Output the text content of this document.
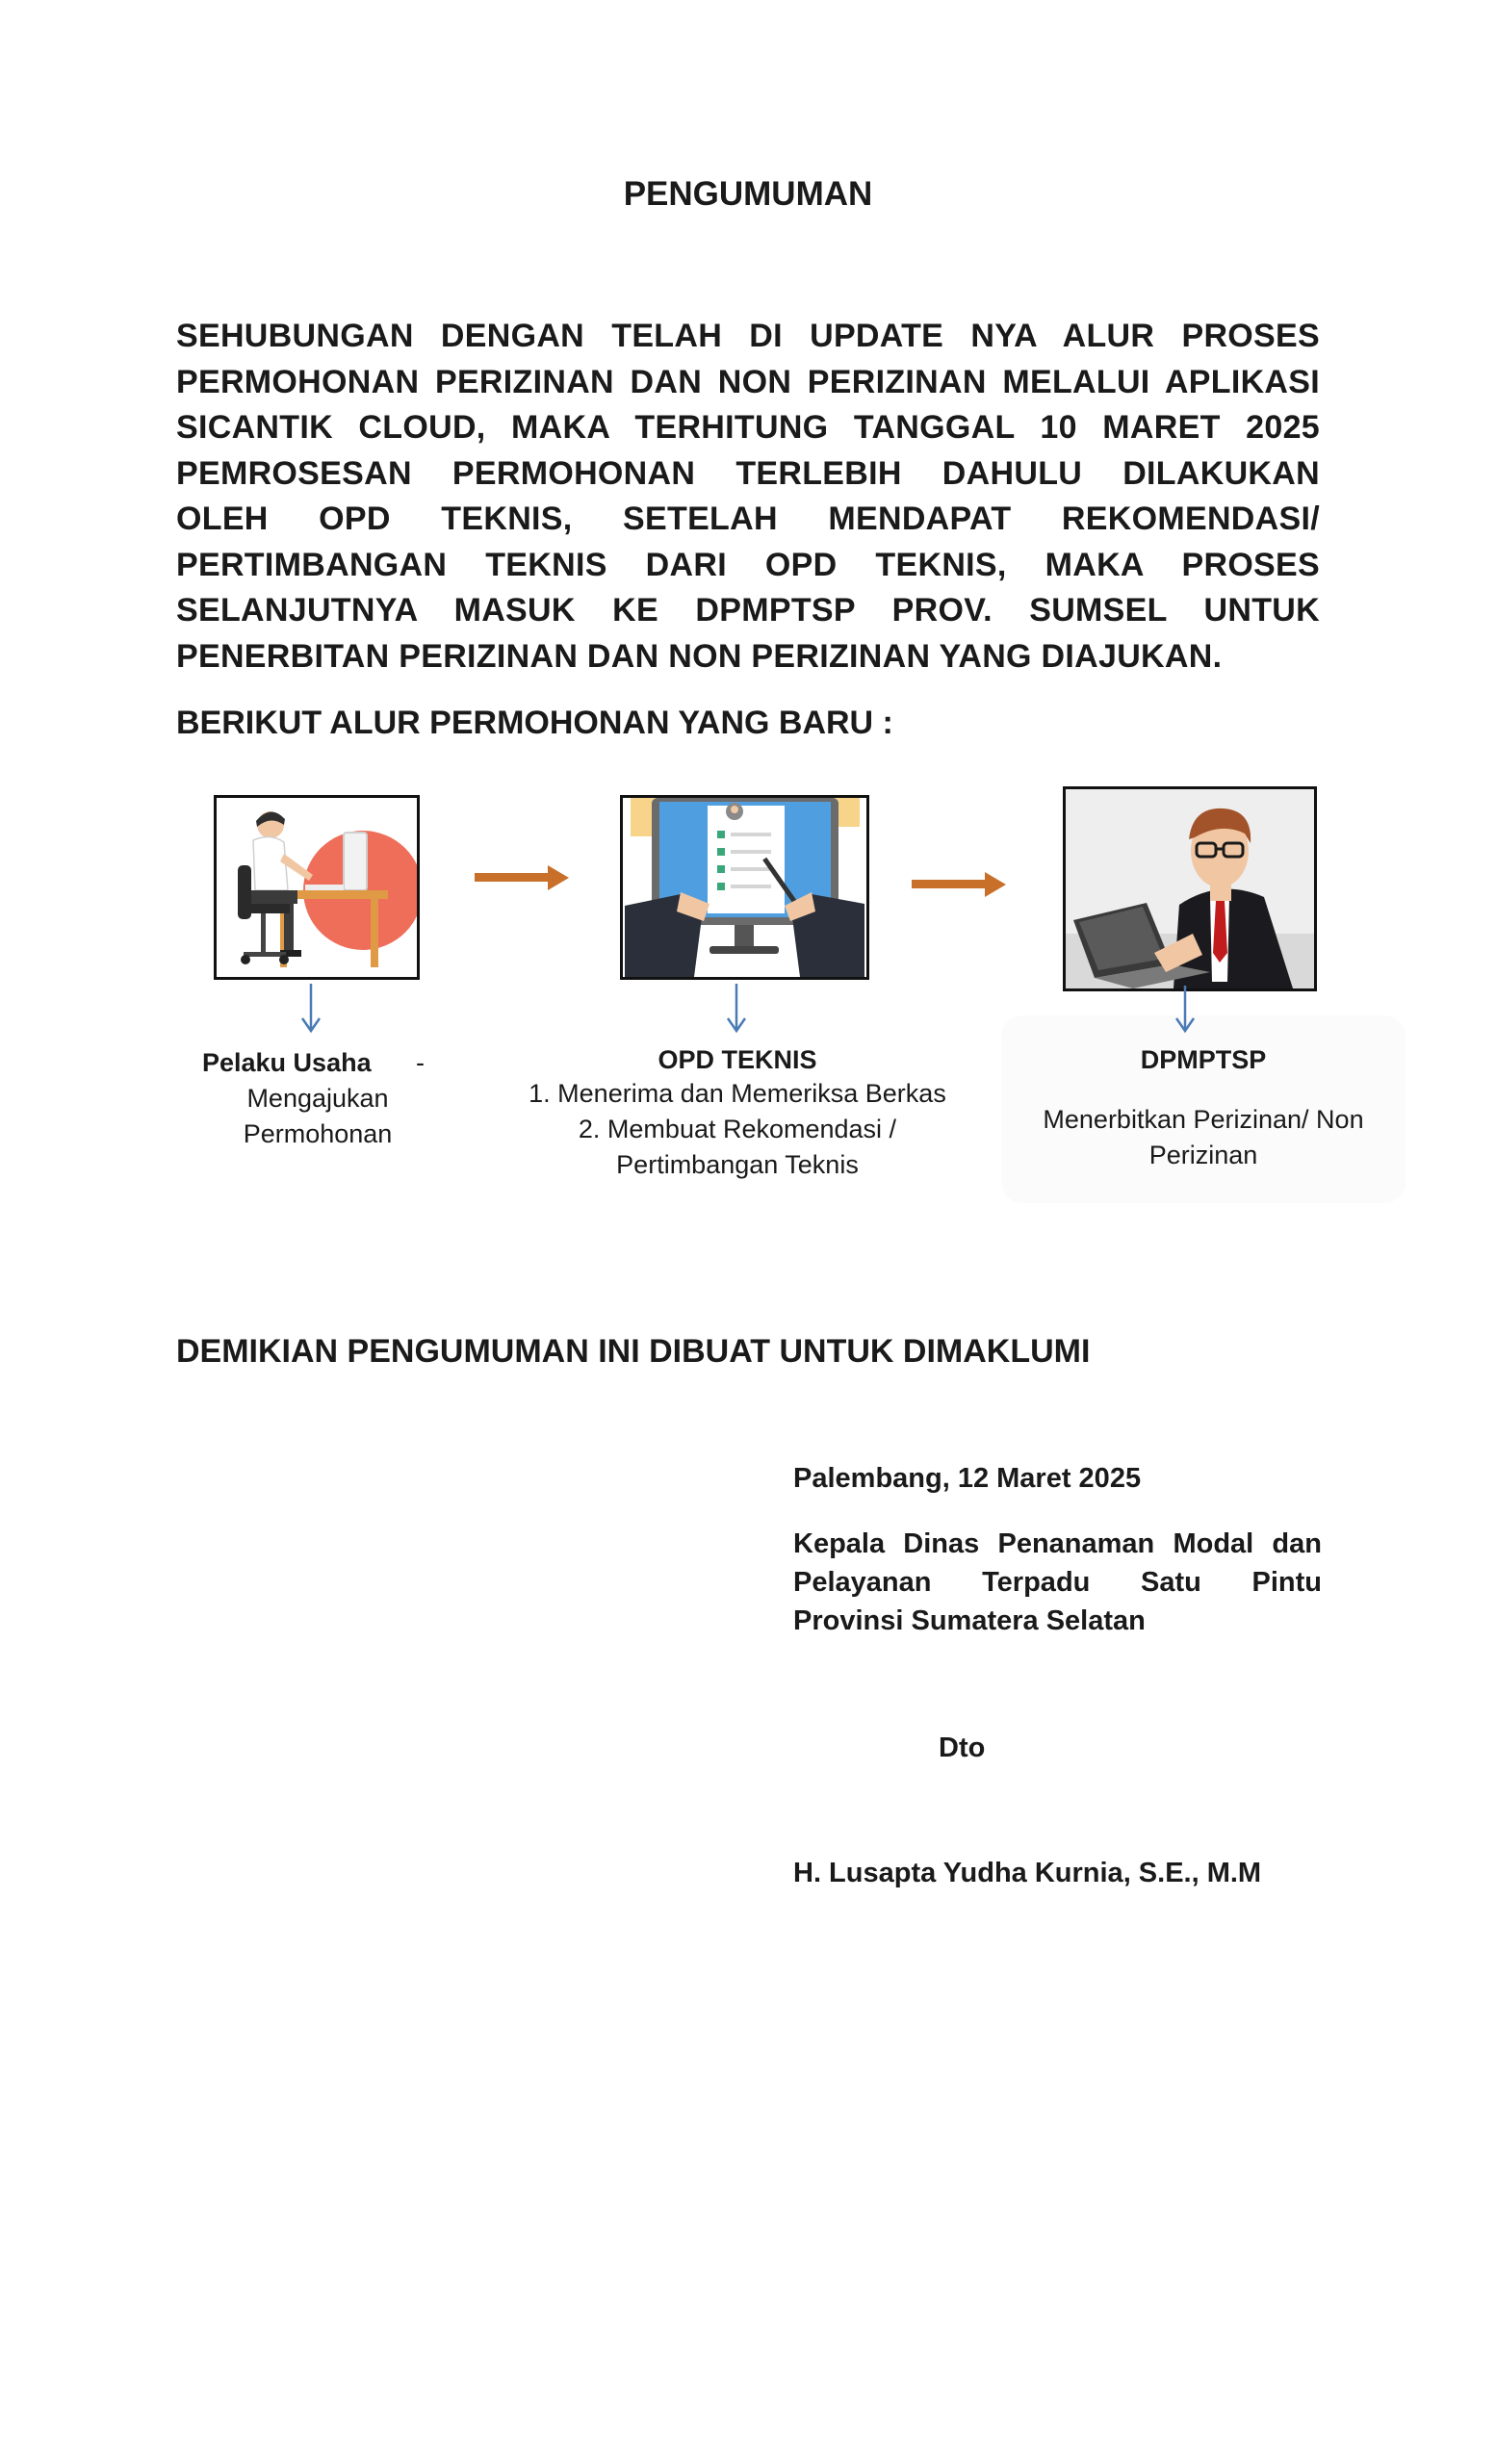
PENGUMUMAN

SEHUBUNGAN DENGAN TELAH DI UPDATE NYA ALUR PROSES
PERMOHONAN PERIZINAN DAN NON PERIZINAN MELALUI APLIKASI
SICANTIK CLOUD, MAKA TERHITUNG TANGGAL 10 MARET 2025
PEMROSESAN PERMOHONAN TERLEBIH DAHULU DILAKUKAN
OLEH OPD TEKNIS, SETELAH MENDAPAT REKOMENDASI/
PERTIMBANGAN TEKNIS DARI OPD TEKNIS, MAKA PROSES
SELANJUTNYA MASUK KE DPMPTSP PROV. SUMSEL UNTUK
PENERBITAN PERIZINAN DAN NON PERIZINAN YANG DIAJUKAN.

BERIKUT ALUR PERMOHONAN YANG BARU :
Pelaku Usaha -
Mengajukan
Permohonan
OPD TEKNIS
1. Menerima dan Memeriksa Berkas
2. Membuat Rekomendasi /
Pertimbangan Teknis
DPMPTSP
Menerbitkan Perizinan/ Non
Perizinan
DEMIKIAN PENGUMUMAN INI DIBUAT UNTUK DIMAKLUMI
Palembang, 12 Maret 2025

Kepala Dinas Penanaman Modal dan
Pelayanan Terpadu Satu Pintu
Provinsi Sumatera Selatan

Dto
H. Lusapta Yudha Kurnia, S.E., M.M
